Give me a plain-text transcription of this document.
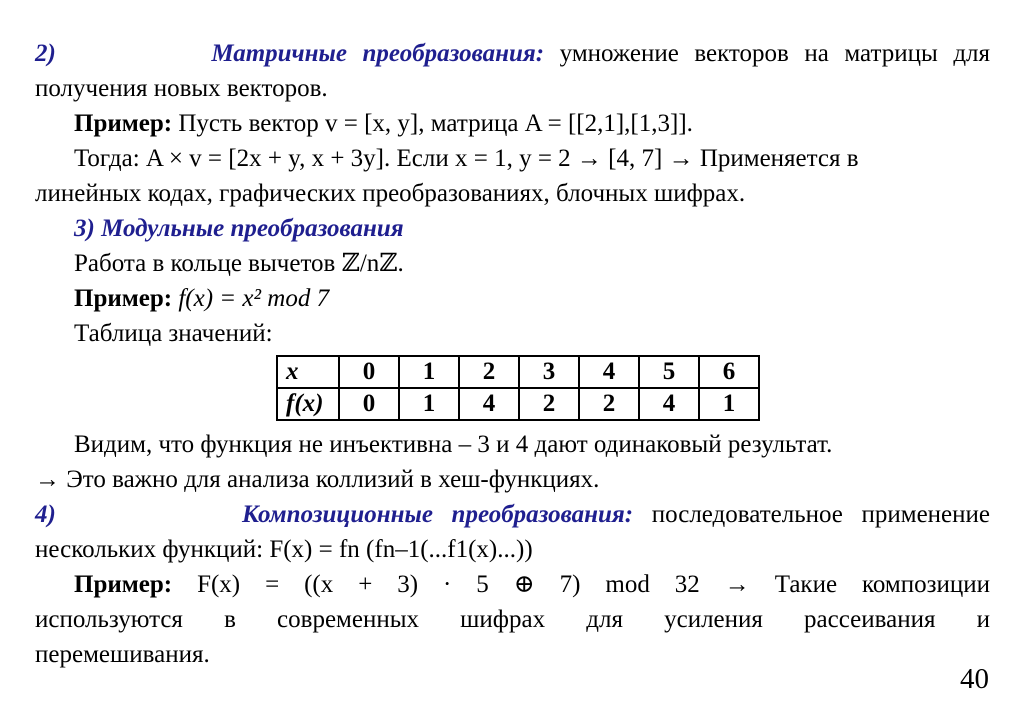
2)	Матричные преобразования: умножение векторов на матрицы для
получения новых векторов.
Пример: Пусть вектор v = [x, y], матрица A = [[2,1],[1,3]].
Тогда: A × v = [2x + y, x + 3y]. Если x = 1, y = 2 → [4, 7] → Применяется в
линейных кодах, графических преобразованиях, блочных шифрах.
3) Модульные преобразования
Работа в кольце вычетов ℤ/nℤ.
Пример: f(x) = x² mod 7
Таблица значений:
x	0	1	2	3	4	5	6
f(x)	0	1	4	2	2	4	1
Видим, что функция не инъективна – 3 и 4 дают одинаковый результат.
→ Это важно для анализа коллизий в хеш-функциях.
4)	Композиционные преобразования: последовательное применение
нескольких функций: F(x) = fn (fn–1(...f1(x)...))
Пример: F(x) = ((x + 3) · 5 ⊕ 7) mod 32 → Такие композиции
используются в современных шифрах для усиления рассеивания и
перемешивания.
40
